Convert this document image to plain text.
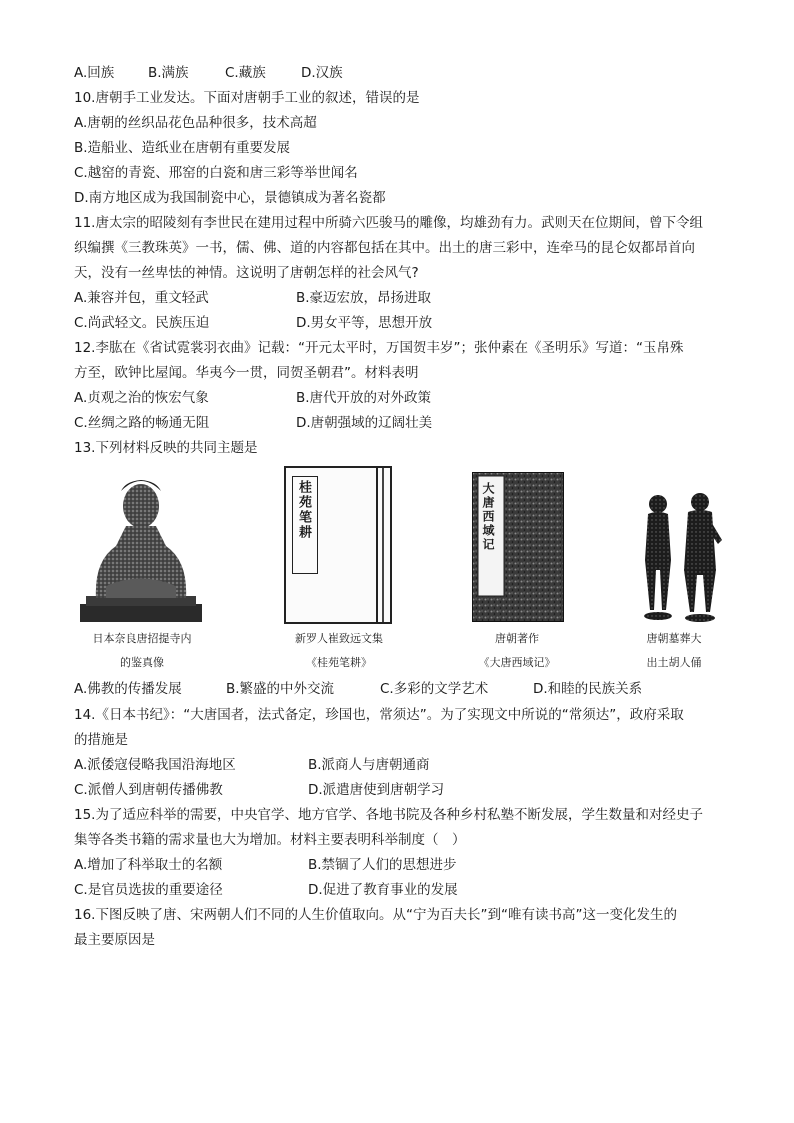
A.回族 B.满族	C.藏族	D.汉族
10.唐朝手工业发达。下面对唐朝手工业的叙述，错误的是
A.唐朝的丝织品花色品种很多，技术高超
B.造船业、造纸业在唐朝有重要发展
C.越窑的青瓷、邢窑的白瓷和唐三彩等举世闻名
D.南方地区成为我国制瓷中心，景德镇成为著名瓷都
11.唐太宗的昭陵刻有李世民在建用过程中所骑六匹骏马的雕像，均雄劲有力。武则天在位期间，曾下令组
织编撰《三教珠英》一书，儒、佛、道的内容都包括在其中。出土的唐三彩中，连牵马的昆仑奴都昂首向
天，没有一丝卑怯的神情。这说明了唐朝怎样的社会风气?
A.兼容并包，重文轻武	B.豪迈宏放，昂扬进取
C.尚武轻文。民族压迫	D.男女平等，思想开放
12.李肱在《省试霓裳羽衣曲》记载：“开元太平时，万国贺丰岁”；张仲素在《圣明乐》写道：“玉帛殊
方至，欧钟比屋闻。华夷今一贯，同贺圣朝君”。材料表明
A.贞观之治的恢宏气象	B.唐代开放的对外政策
C.丝绸之路的畅通无阻	D.唐朝强域的辽阔壮美
13.下列材料反映的共同主题是
日本奈良唐招提寺内
的鉴真像
桂苑笔耕
新罗人崔致远文集
《桂苑笔耕》
大唐西域记
唐朝著作
《大唐西域记》
唐朝墓葬大
出土胡人俑
A.佛教的传播发展	B.繁盛的中外交流	C.多彩的文学艺术	D.和睦的民族关系
14.《日本书纪》：“大唐国者，法式备定，珍国也，常须达”。为了实现文中所说的“常须达”，政府采取
的措施是
A.派倭寇侵略我国沿海地区	B.派商人与唐朝通商
C.派僧人到唐朝传播佛教	D.派遣唐使到唐朝学习
15.为了适应科举的需要，中央官学、地方官学、各地书院及各种乡村私塾不断发展，学生数量和对经史子
集等各类书籍的需求量也大为增加。材料主要表明科举制度（　）
A.增加了科举取士的名额	B.禁锢了人们的思想进步
C.是官员选拔的重要途径	D.促进了教育事业的发展
16.下图反映了唐、宋两朝人们不同的人生价值取向。从“宁为百夫长”到“唯有读书高”这一变化发生的
最主要原因是
